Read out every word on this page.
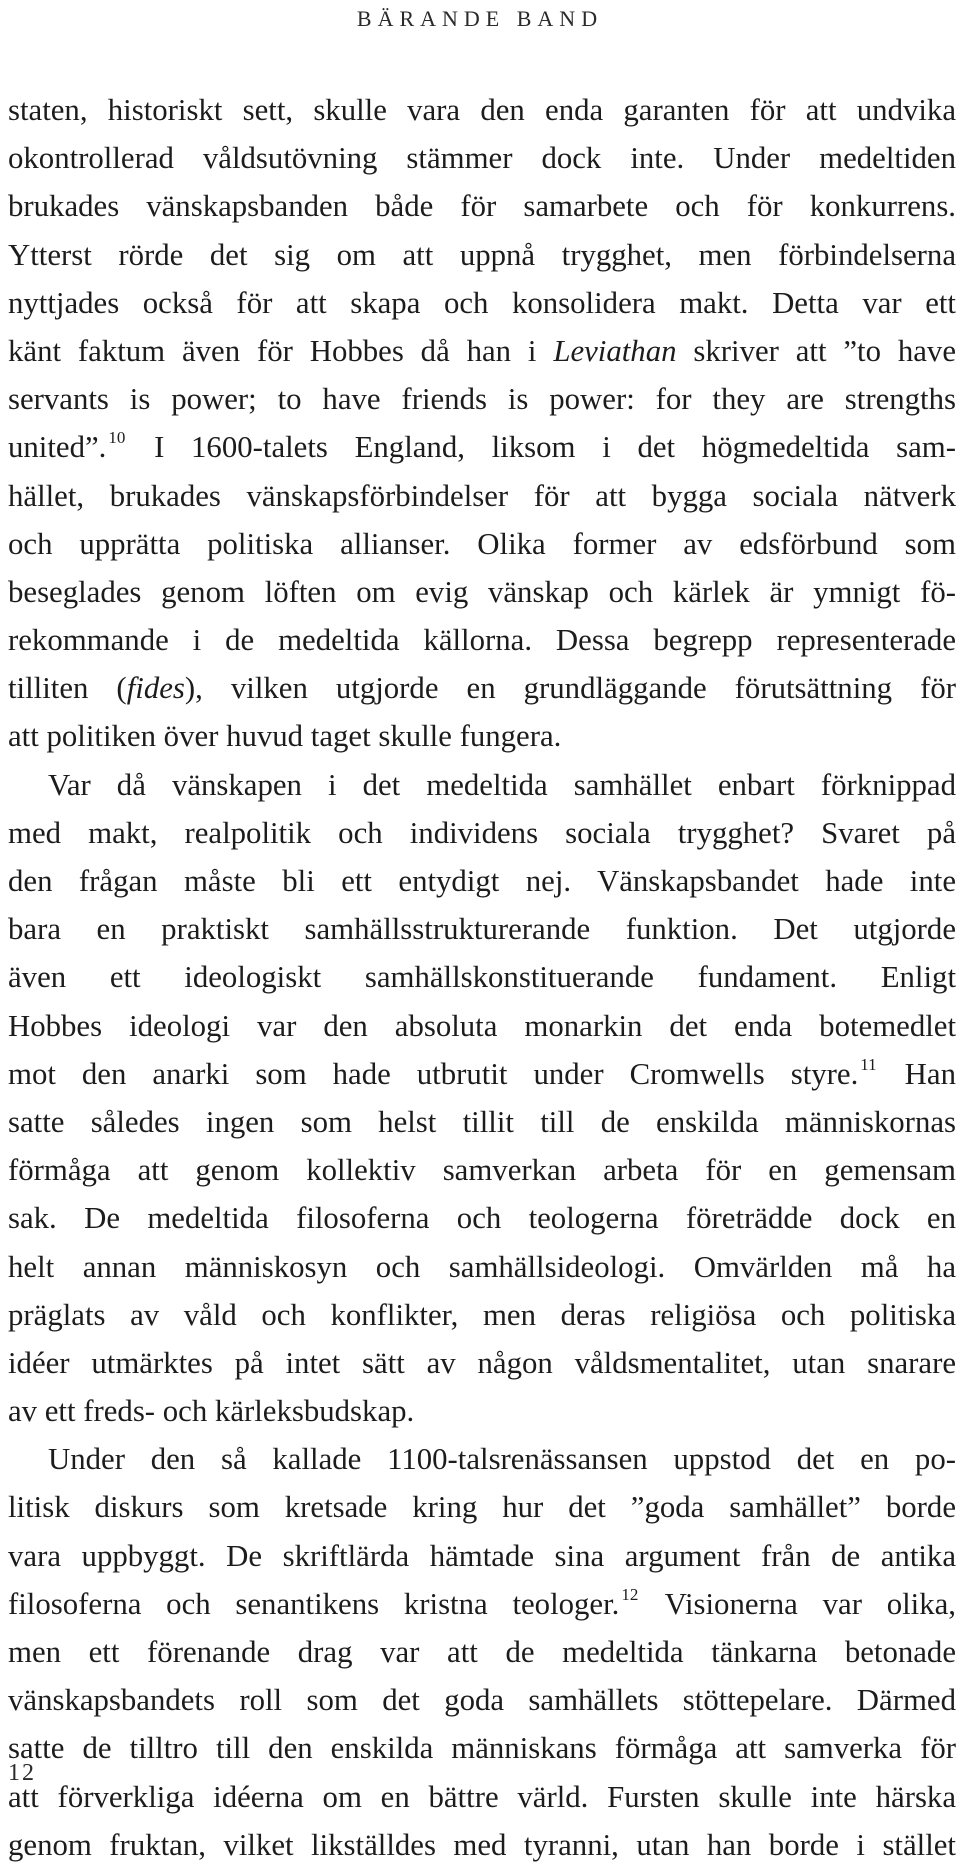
BÄRANDE BAND
staten, historiskt sett, skulle vara den enda garanten för att undvika
okontrollerad våldsutövning stämmer dock inte. Under medeltiden
brukades vänskapsbanden både för samarbete och för konkurrens.
Ytterst rörde det sig om att uppnå trygghet, men förbindelserna
nyttjades också för att skapa och konsolidera makt. Detta var ett
känt faktum även för Hobbes då han i Leviathan skriver att ”to have
servants is power; to have friends is power: for they are strengths
united”. $^{10}$ I 1600-talets England, liksom i det högmedeltida sam-
hället, brukades vänskapsförbindelser för att bygga sociala nätverk
och upprätta politiska allianser. Olika former av edsförbund som
beseglades genom löften om evig vänskap och kärlek är ymnigt fö-
rekommande i de medeltida källorna. Dessa begrepp representerade
tilliten (fides), vilken utgjorde en grundläggande förutsättning för
att politiken över huvud taget skulle fungera.
Var då vänskapen i det medeltida samhället enbart förknippad
med makt, realpolitik och individens sociala trygghet? Svaret på
den frågan måste bli ett entydigt nej. Vänskapsbandet hade inte
bara en praktiskt samhällsstrukturerande funktion. Det utgjorde
även ett ideologiskt samhällskonstituerande fundament. Enligt
Hobbes ideologi var den absoluta monarkin det enda botemedlet
mot den anarki som hade utbrutit under Cromwells styre. $^{11}$ Han
satte således ingen som helst tillit till de enskilda människornas
förmåga att genom kollektiv samverkan arbeta för en gemensam
sak. De medeltida filosoferna och teologerna företrädde dock en
helt annan människosyn och samhällsideologi. Omvärlden må ha
präglats av våld och konflikter, men deras religiösa och politiska
idéer utmärktes på intet sätt av någon våldsmentalitet, utan snarare
av ett freds- och kärleksbudskap.
Under den så kallade 1100-talsrenässansen uppstod det en po-
litisk diskurs som kretsade kring hur det ”goda samhället” borde
vara uppbyggt. De skriftlärda hämtade sina argument från de antika
filosoferna och senantikens kristna teologer. $^{12}$ Visionerna var olika,
men ett förenande drag var att de medeltida tänkarna betonade
vänskapsbandets roll som det goda samhällets stöttepelare. Därmed
satte de tilltro till den enskilda människans förmåga att samverka för
att förverkliga idéerna om en bättre värld. Fursten skulle inte härska
genom fruktan, vilket likställdes med tyranni, utan han borde i stället
12
